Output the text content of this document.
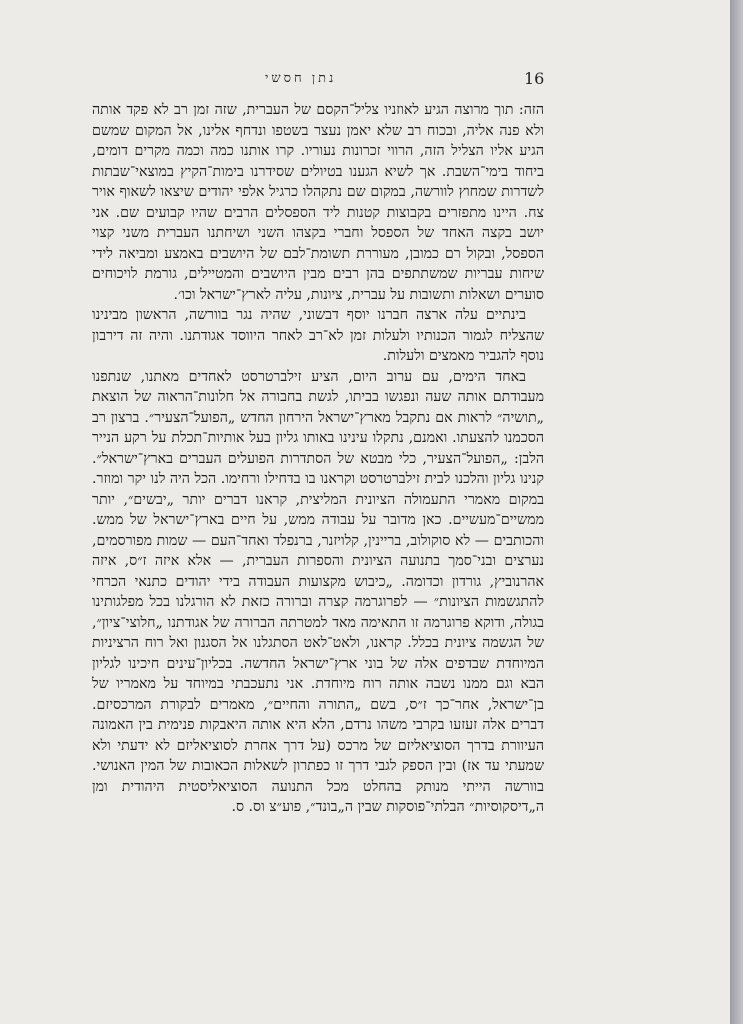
נתן חסשי	16

הזה: תוך מרוצה הגיע לאוזניו צליל־הקסם של העברית, שזה זמן רב לא פקד אותה ולא פנה אליה, ובכוח רב שלא יאמן נעצר בשטפו ונדחף אלינו, אל המקום שמשם הגיע אליו הצליל הזה, הרווי זכרונות נעוריו. קרו אותנו כמה וכמה מקרים דומים, ביחוד בימי־השבת. אך לשיא הגענו בטיולים שסידרנו בימות־הקיץ במוצאי־שבתות לשדרות שמחוץ לוורשה, במקום שם נתקהלו כרגיל אלפי יהודים שיצאו לשאוף אויר צח. היינו מתפזרים בקבוצות קטנות ליד הספסלים הרבים שהיו קבועים שם. אני יושב בקצה האחד של הספסל וחברי בקצהו השני ושיחתנו העברית משני קצוי הספסל, ובקול רם כמובן, מעוררת תשומת־לבם של היושבים באמצע ומביאה לידי שיחות עבריות שמשתתפים בהן רבים מבין היושבים והמטיילים, גורמת לויכוחים סוערים ושאלות ותשובות על עברית, ציונות, עליה לארץ־ישראל וכו׳.

בינתיים עלה ארצה חברנו יוסף דבשוני, שהיה נגר בוורשה, הראשון מבינינו שהצליח לגמור הכנותיו ולעלות זמן לא־רב לאחר היווסד אגודתנו. והיה זה דירבון נוסף להגביר מאמצים ולעלות.

באחד הימים, עם ערוב היום, הציע זילברטרסט לאחדים מאתנו, שנתפנו מעבודתם אותה שעה ונפגשו בביתו, לגשת בחבורה אל חלונות־הראוה של הוצאת „תושיה״ לראות אם נתקבל מארץ־ישראל הירחון החדש „הפועל־הצעיר״. ברצון רב הסכמנו להצעתו. ואמנם, נתקלו עינינו באותו גליון בעל אותיות־תכלת על רקע הנייר הלבן: „הפועל־הצעיר, כלי מבטא של הסתדרות הפועלים העברים בארץ־ישראל״. קנינו גליון והלכנו לבית זילברטרסט וקראנו בו בדחילו ורחימו. הכל היה לנו יקר ומוזר. במקום מאמרי התעמולה הציונית המליצית, קראנו דברים יותר „יבשים״, יותר ממשיים־מעשיים. כאן מדובר על עבודה ממש, על חיים בארץ־ישראל של ממש. והכותבים — לא סוקולוב, בריינין, קלויזנר, ברנפלד ואחד־העם — שמות מפורסמים, נערצים ובני־סמך בתנועה הציונית והספרות העברית, — אלא איזה ז״ס, איזה אהרנוביץ, גורדון וכדומה. „כיבוש מקצועות העבודה בידי יהודים כתנאי הכרחי להתגשמות הציונות״ — לפרוגרמה קצרה וברורה כזאת לא הורגלנו בכל מפלגותינו בגולה, ודוקא פרוגרמה זו התאימה מאד למטרתה הברורה של אגודתנו „חלוצי־ציון״, של הגשמה ציונית בכלל. קראנו, ולאט־לאט הסתגלנו אל הסגנון ואל רוח הרציניות המיוחדת שבדפים אלה של בוני ארץ־ישראל החדשה. בכליון־עינים חיכינו לגליון הבא וגם ממנו נשבה אותה רוח מיוחדת. אני נתעכבתי במיוחד על מאמריו של בן־ישראל, אחר־כך ז״ס, בשם „התורה והחיים״, מאמרים לבקורת המרכסיזם. דברים אלה זעזעו בקרבי משהו נרדם, הלא היא אותה היאבקות פנימית בין האמונה העיוורת בדרך הסוציאליזם של מרכס (על דרך אחרת לסוציאליזם לא ידעתי ולא שמעתי עד אז) ובין הספק לגבי דרך זו כפתרון לשאלות הכאובות של המין האנושי. בוורשה הייתי מנותק בהחלט מכל התנועה הסוציאליסטית היהודית ומן ה„דיסקוסיות״ הבלתי־פוסקות שבין ה„בונד״, פוע״צ וס. ס.
